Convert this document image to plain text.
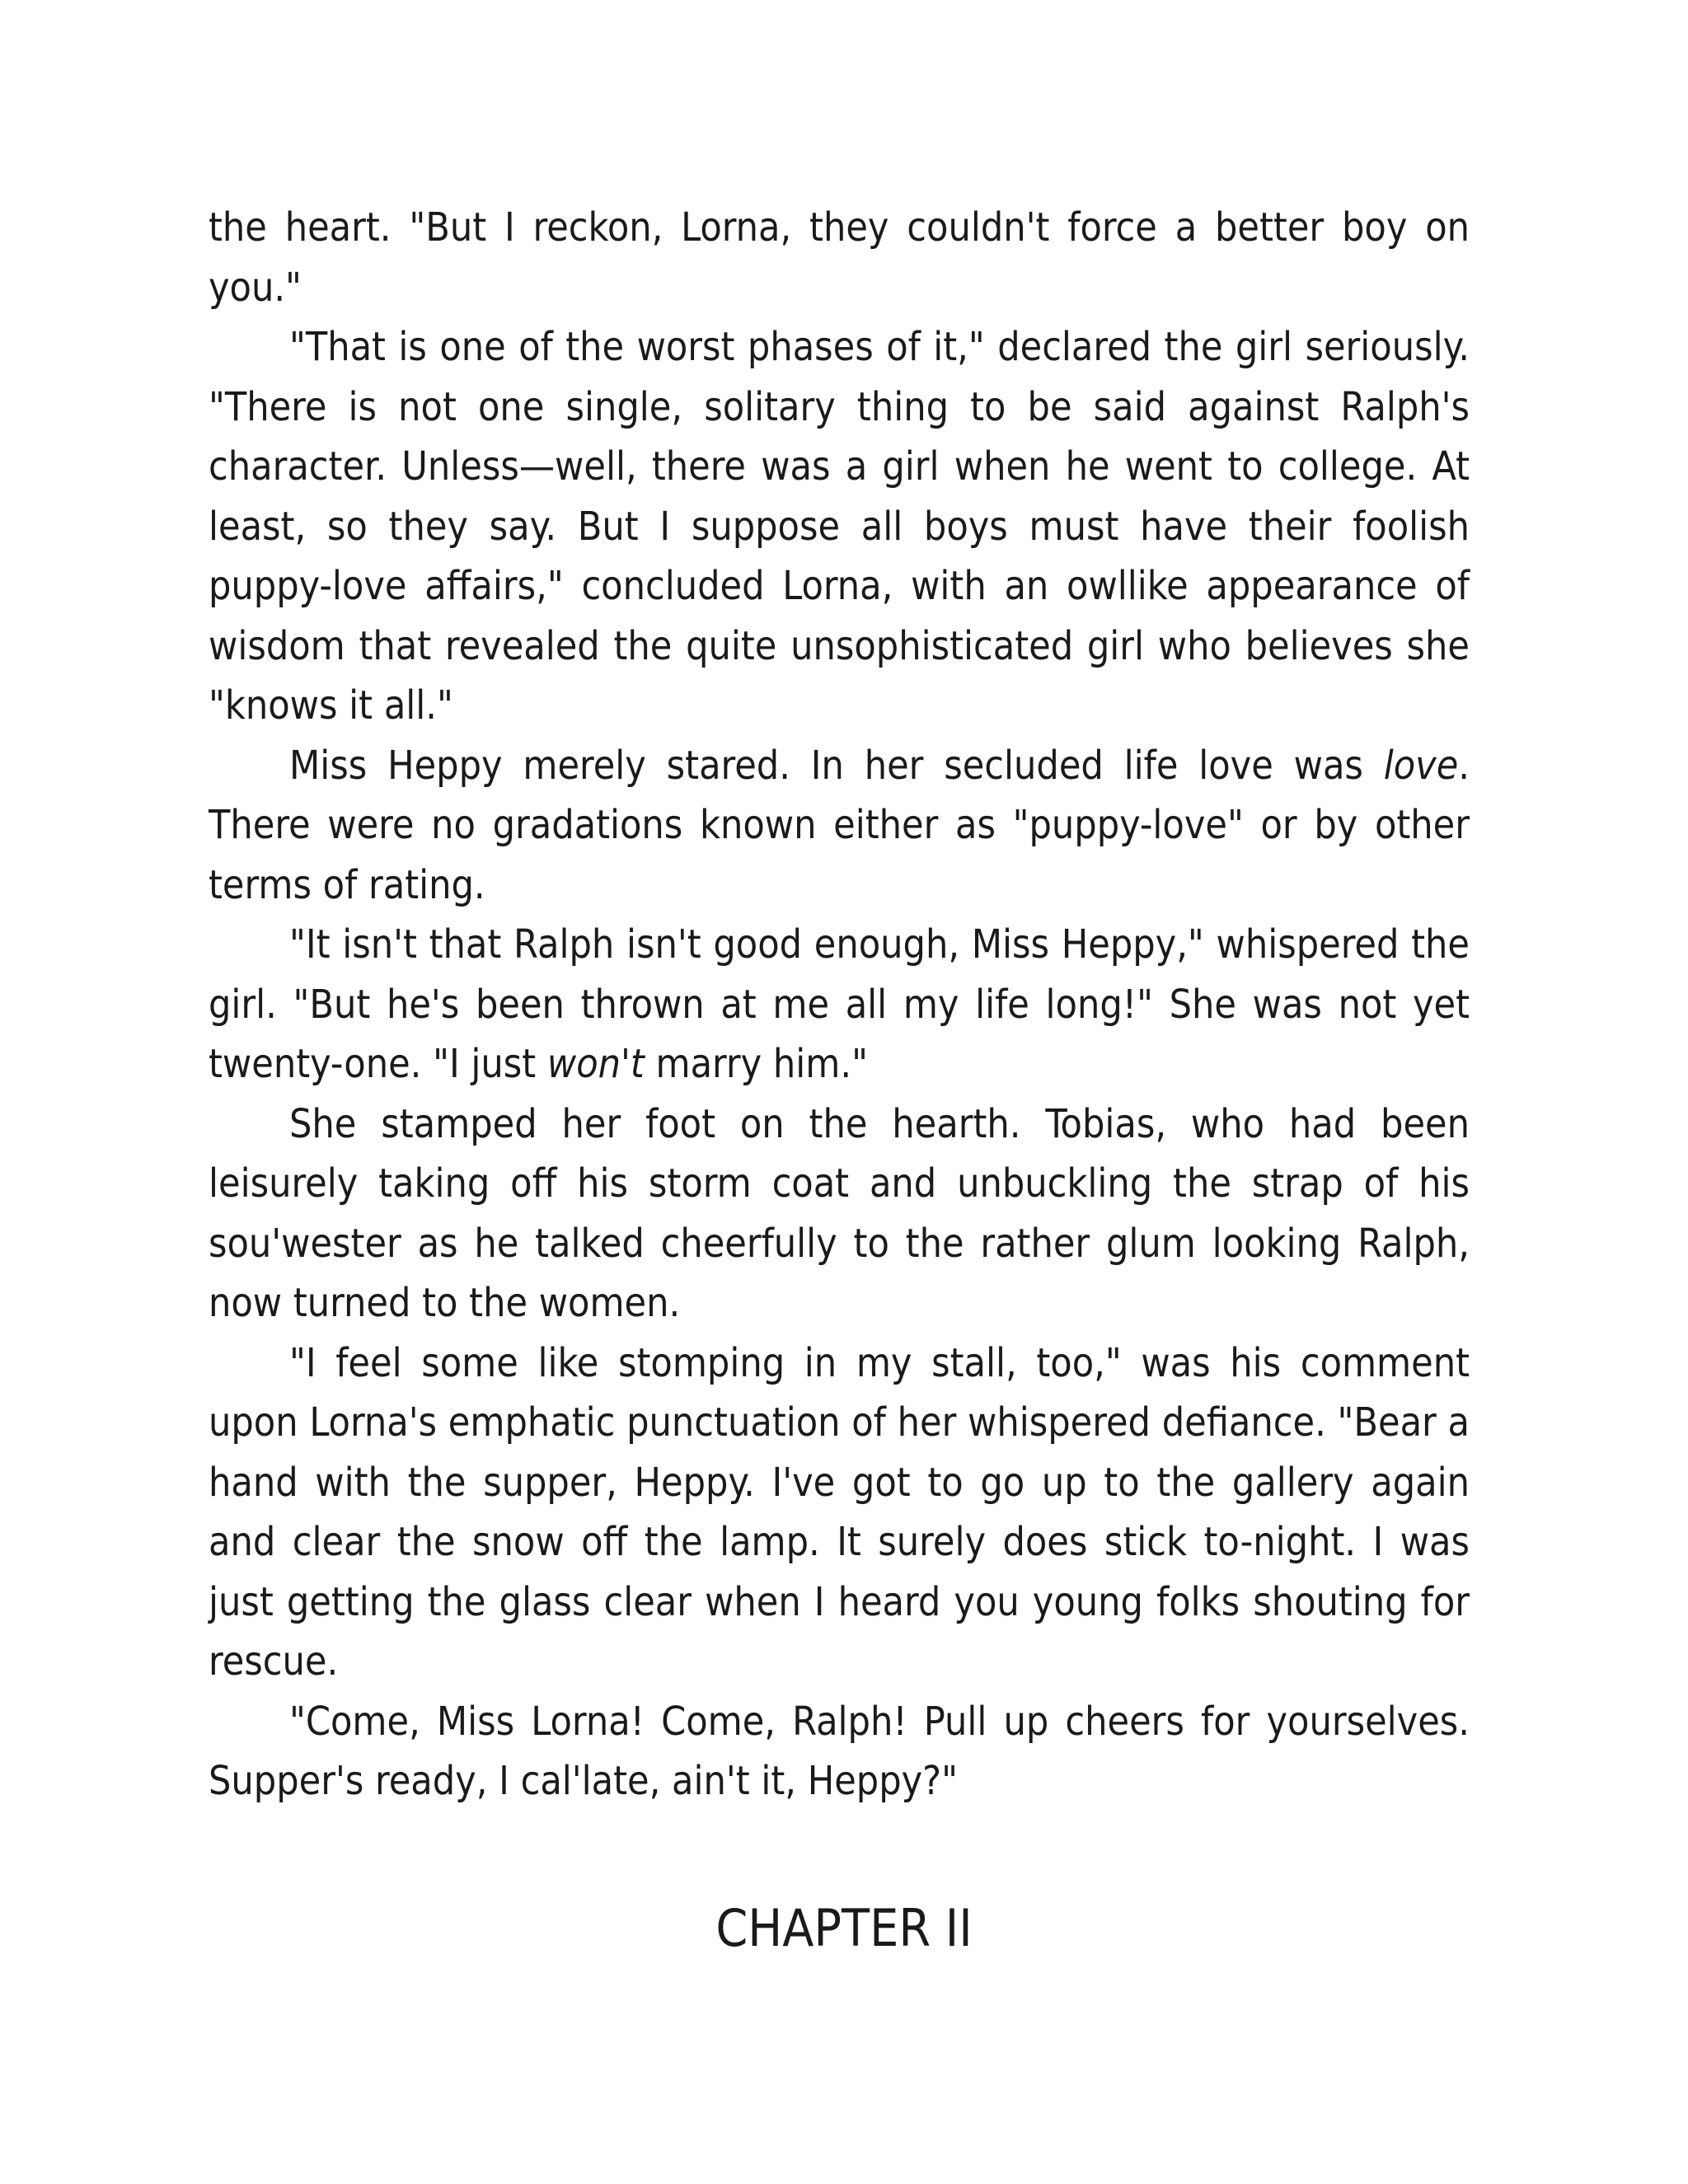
the heart. "But I reckon, Lorna, they couldn't force a better boy on you."

"That is one of the worst phases of it," declared the girl seriously. "There is not one single, solitary thing to be said against Ralph's character. Unless—well, there was a girl when he went to college. At least, so they say. But I suppose all boys must have their foolish puppy-love affairs," concluded Lorna, with an owllike appearance of wisdom that revealed the quite unsophisticated girl who believes she "knows it all."

Miss Heppy merely stared. In her secluded life love was love. There were no gradations known either as "puppy-love" or by other terms of rating.

"It isn't that Ralph isn't good enough, Miss Heppy," whispered the girl. "But he's been thrown at me all my life long!" She was not yet twenty-one. "I just won't marry him."

She stamped her foot on the hearth. Tobias, who had been leisurely taking off his storm coat and unbuckling the strap of his sou'wester as he talked cheerfully to the rather glum looking Ralph, now turned to the women.

"I feel some like stomping in my stall, too," was his comment upon Lorna's emphatic punctuation of her whispered defiance. "Bear a hand with the supper, Heppy. I've got to go up to the gallery again and clear the snow off the lamp. It surely does stick to-night. I was just getting the glass clear when I heard you young folks shouting for rescue.

"Come, Miss Lorna! Come, Ralph! Pull up cheers for yourselves. Supper's ready, I cal'late, ain't it, Heppy?"

CHAPTER II
